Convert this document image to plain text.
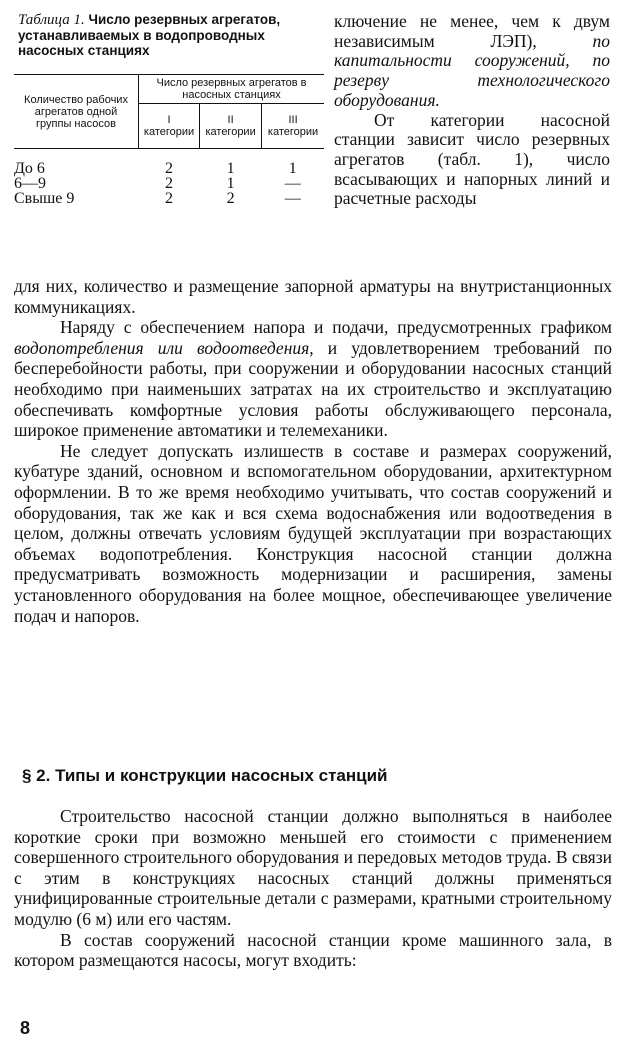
Таблица 1. Число резервных агрегатов, устанавливаемых в водопроводных насосных станциях
Количество рабочих агрегатов одной группы насосов	Число резервных агрегатов в насосных станциях		
	I категории	II категории	III категории
До 6	2	1	1
6—9	2	1	—
Свыше 9	2	2	—

ключение не менее, чем к двум независимым ЛЭП),	по капитальности сооружений, по резерву технологического оборудования.

От категории насосной станции зависит число резервных агрегатов (табл. 1), число всасывающих и напорных линий и расчетные расходы

для них, количество и размещение запорной арматуры на внутристанционных коммуникациях.

Наряду с обеспечением напора и подачи, предусмотренных графиком водопотребления или водоотведения, и удовлетворением требований по бесперебойности работы, при сооружении и оборудовании насосных станций необходимо при наименьших затратах на их строительство и эксплуатацию обеспечивать комфортные условия работы обслуживающего персонала, широкое применение автоматики и телемеханики.

Не следует допускать излишеств в составе и размерах сооружений, кубатуре зданий, основном и вспомогательном оборудовании, архитектурном оформлении. В то же время необходимо учитывать, что состав сооружений и оборудования, так же как и вся схема водоснабжения или водоотведения в целом, должны отвечать условиям будущей эксплуатации при возрастающих объемах водопотребления. Конструкция насосной станции должна предусматривать возможность модернизации и расширения, замены установленного оборудования на более мощное, обеспечивающее увеличение подач и напоров.

§ 2. Типы и конструкции насосных станций

Строительство насосной станции должно выполняться в наиболее короткие сроки при возможно меньшей его стоимости с применением совершенного строительного оборудования и передовых методов труда. В связи с этим в конструкциях насосных станций должны применяться унифицированные строительные детали с размерами, кратными строительному модулю (6 м) или его частям.

В состав сооружений насосной станции кроме машинного зала, в котором размещаются насосы, могут входить:

8
